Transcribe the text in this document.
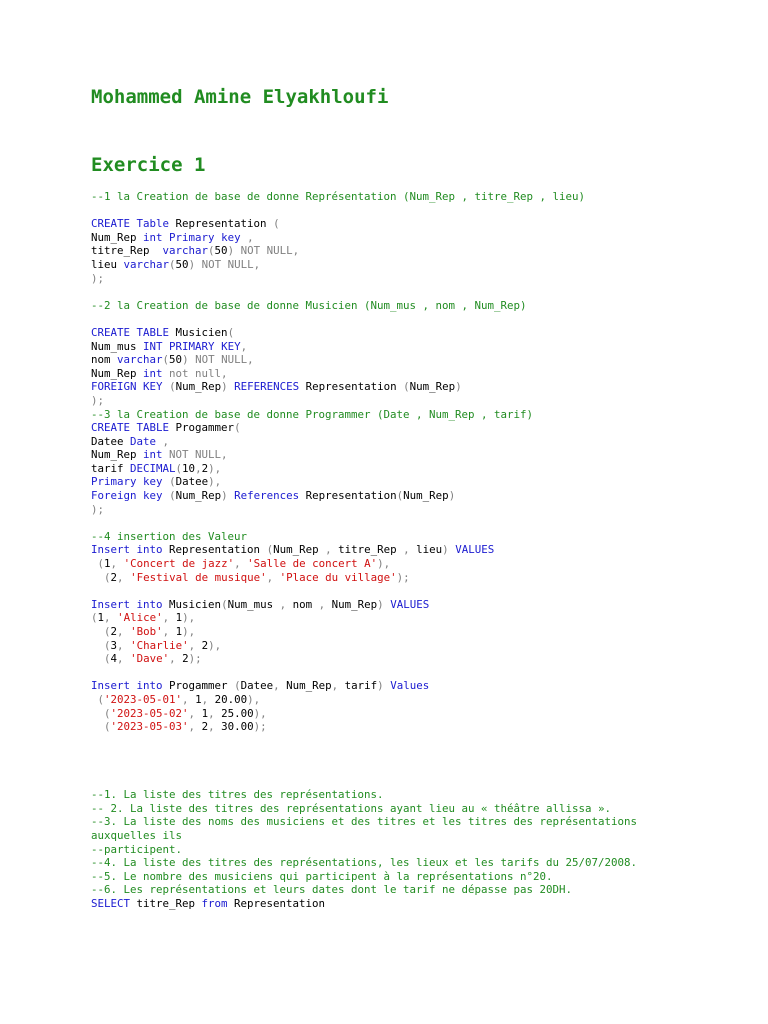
Mohammed Amine Elyakhloufi
Exercice 1
--1 la Creation de base de donne Représentation (Num_Rep , titre_Rep , lieu)
CREATE Table Representation (
Num_Rep int Primary key ,
titre_Rep  varchar(50) NOT NULL,
lieu varchar(50) NOT NULL,
);
--2 la Creation de base de donne Musicien (Num_mus , nom , Num_Rep)
CREATE TABLE Musicien(
Num_mus INT PRIMARY KEY,
nom varchar(50) NOT NULL,
Num_Rep int not null,
FOREIGN KEY (Num_Rep) REFERENCES Representation (Num_Rep)
);
--3 la Creation de base de donne Programmer (Date , Num_Rep , tarif)
CREATE TABLE Progammer(
Datee Date ,
Num_Rep int NOT NULL,
tarif DECIMAL(10,2),
Primary key (Datee),
Foreign key (Num_Rep) References Representation(Num_Rep)
);
--4 insertion des Valeur
Insert into Representation (Num_Rep , titre_Rep , lieu) VALUES
(1, 'Concert de jazz', 'Salle de concert A'),
(2, 'Festival de musique', 'Place du village');
Insert into Musicien(Num_mus , nom , Num_Rep) VALUES
(1, 'Alice', 1),
(2, 'Bob', 1),
(3, 'Charlie', 2),
(4, 'Dave', 2);
Insert into Progammer (Datee, Num_Rep, tarif) Values
('2023-05-01', 1, 20.00),
('2023-05-02', 1, 25.00),
('2023-05-03', 2, 30.00);
--1. La liste des titres des représentations.
-- 2. La liste des titres des représentations ayant lieu au « théâtre allissa ».
--3. La liste des noms des musiciens et des titres et les titres des représentations
auxquelles ils
--participent.
--4. La liste des titres des représentations, les lieux et les tarifs du 25/07/2008.
--5. Le nombre des musiciens qui participent à la représentations n°20.
--6. Les représentations et leurs dates dont le tarif ne dépasse pas 20DH.
SELECT titre_Rep from Representation
